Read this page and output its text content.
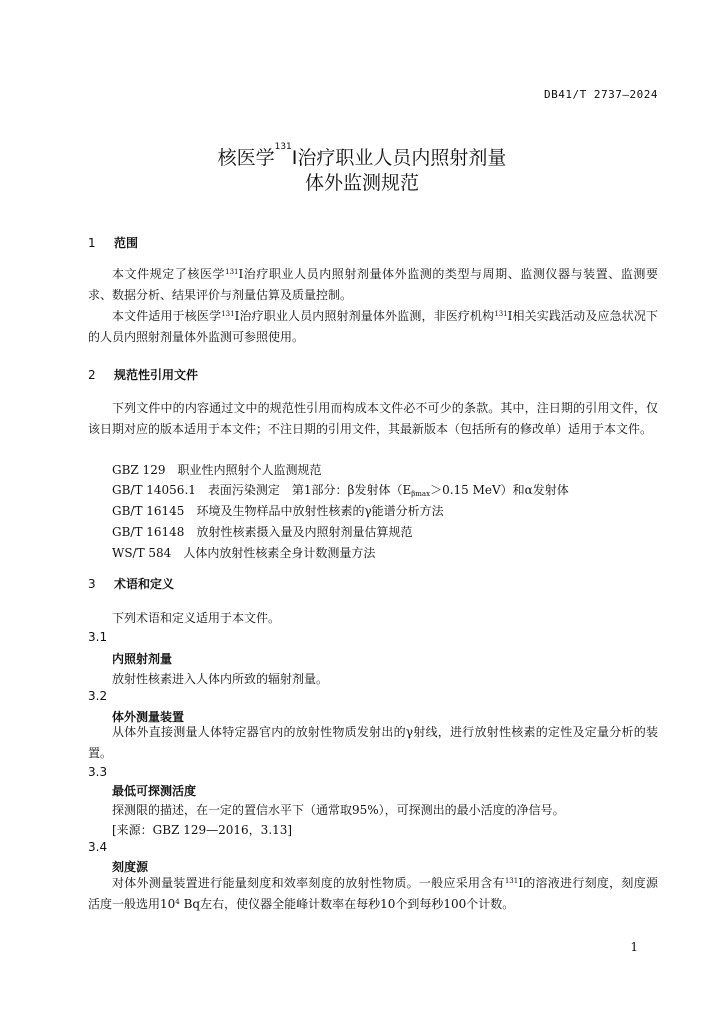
DB41/T 2737—2024
核医学$^{131}$I治疗职业人员内照射剂量
体外监测规范
1 范围
本文件规定了核医学$^{131}$I治疗职业人员内照射剂量体外监测的类型与周期、监测仪器与装置、监测要求、数据分析、结果评价与剂量估算及质量控制。
本文件适用于核医学$^{131}$I治疗职业人员内照射剂量体外监测，非医疗机构$^{131}$I相关实践活动及应急状况下的人员内照射剂量体外监测可参照使用。
2 规范性引用文件
下列文件中的内容通过文中的规范性引用而构成本文件必不可少的条款。其中，注日期的引用文件，仅该日期对应的版本适用于本文件；不注日期的引用文件，其最新版本（包括所有的修改单）适用于本文件。
GBZ 129　 职业性内照射个人监测规范
GB/T 14056.1　 表面污染测定　第1部分：β发射体（Eβmax＞0.15 MeV）和α发射体
GB/T 16145　 环境及生物样品中放射性核素的γ能谱分析方法
GB/T 16148　 放射性核素摄入量及内照射剂量估算规范
WS/T 584　 人体内放射性核素全身计数测量方法
3 术语和定义
下列术语和定义适用于本文件。
3.1
内照射剂量
放射性核素进入人体内所致的辐射剂量。
3.2
体外测量装置
从体外直接测量人体特定器官内的放射性物质发射出的γ射线，进行放射性核素的定性及定量分析的装置。
3.3
最低可探测活度
探测限的描述，在一定的置信水平下（通常取95%），可探测出的最小活度的净信号。
[来源：GBZ 129—2016，3.13]
3.4
刻度源
对体外测量装置进行能量刻度和效率刻度的放射性物质。一般应采用含有$^{131}$I的溶液进行刻度，刻度源活度一般选用$10^4$ Bq左右，使仪器全能峰计数率在每秒10个到每秒100个计数。
1
